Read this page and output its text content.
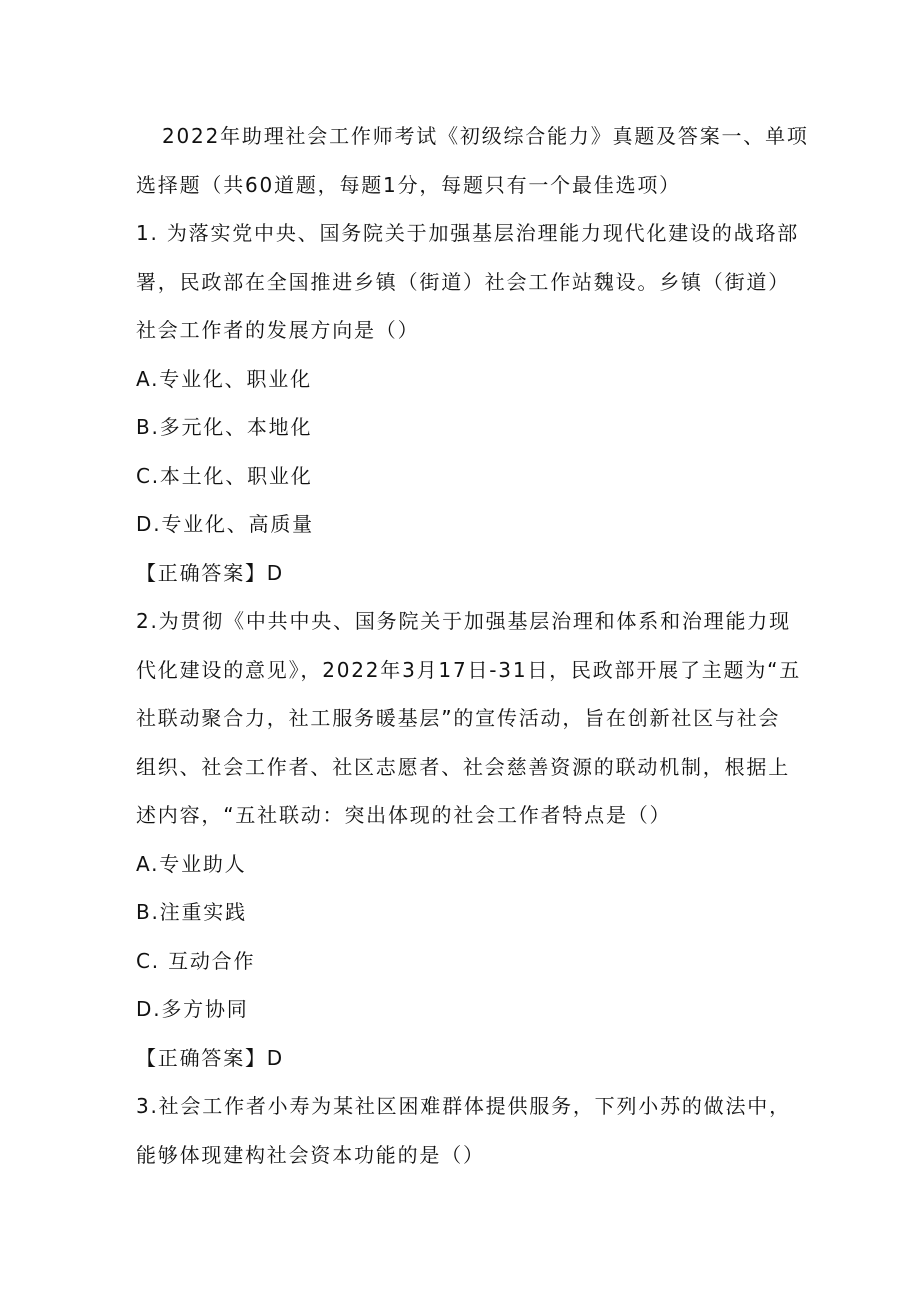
2022年助理社会工作师考试《初级综合能力》真题及答案一、单项
选择题（共60道题，每题1分，每题只有一个最佳选项）
1. 为落实党中央、国务院关于加强基层治理能力现代化建设的战珞部
署，民政部在全国推进乡镇（街道）社会工作站魏设。乡镇（街道）
社会工作者的发展方向是（）
A.专业化、职业化
B.多元化、本地化
C.本土化、职业化
D.专业化、高质量
【正确答案】D
2.为贯彻《中共中央、国务院关于加强基层治理和体系和治理能力现
代化建设的意见》，2022年3月17日-31日，民政部开展了主题为“五
社联动聚合力，社工服务暖基层”的宣传活动，旨在创新社区与社会
组织、社会工作者、社区志愿者、社会慈善资源的联动机制，根据上
述内容，“五社联动：突出体现的社会工作者特点是（）
A.专业助人
B.注重实践
C. 互动合作
D.多方协同
【正确答案】D
3.社会工作者小寿为某社区困难群体提供服务，下列小苏的做法中，
能够体现建构社会资本功能的是（）
